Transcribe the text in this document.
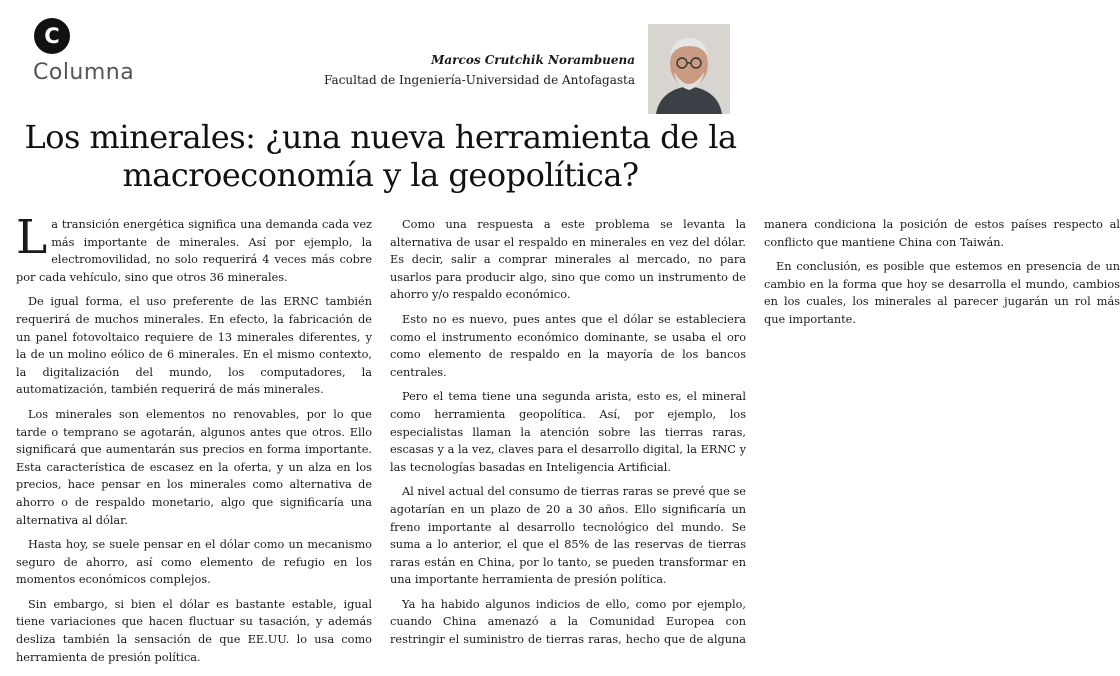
C
Columna	Marcos Crutchik Norambuena
Facultad de Ingeniería-Universidad de Antofagasta
Los minerales: ¿una nueva herramienta de la macroeconomía y la geopolítica?

La transición energética significa una demanda cada vez más importante de minerales. Así por ejemplo, la electromovilidad, no solo requerirá 4 veces más cobre por cada vehículo, sino que otros 36 minerales.

De igual forma, el uso preferente de las ERNC también requerirá de muchos minerales. En efecto, la fabricación de un panel fotovoltaico requiere de 13 minerales diferentes, y la de un molino eólico de 6 minerales. En el mismo contexto, la digitalización del mundo, los computadores, la automatización, también requerirá de más minerales.

Los minerales son elementos no renovables, por lo que tarde o temprano se agotarán, algunos antes que otros. Ello significará que aumentarán sus precios en forma importante. Esta característica de escasez en la oferta, y un alza en los precios, hace pensar en los minerales como alternativa de ahorro o de respaldo monetario, algo que significaría una alternativa al dólar.

Hasta hoy, se suele pensar en el dólar como un mecanismo seguro de ahorro, así como elemento de refugio en los momentos económicos complejos.

Sin embargo, si bien el dólar es bastante estable, igual tiene variaciones que hacen fluctuar su tasación, y además desliza también la sensación de que EE.UU. lo usa como herramienta de presión política.

Como una respuesta a este problema se levanta la alternativa de usar el respaldo en minerales en vez del dólar. Es decir, salir a comprar minerales al mercado, no para usarlos para producir algo, sino que como un instrumento de ahorro y/o respaldo económico.

Esto no es nuevo, pues antes que el dólar se estableciera como el instrumento económico dominante, se usaba el oro como elemento de respaldo en la mayoría de los bancos centrales.

Pero el tema tiene una segunda arista, esto es, el mineral como herramienta geopolítica. Así, por ejemplo, los especialistas llaman la atención sobre las tierras raras, escasas y a la vez, claves para el desarrollo digital, la ERNC y las tecnologías basadas en Inteligencia Artificial.

Al nivel actual del consumo de tierras raras se prevé que se agotarían en un plazo de 20 a 30 años. Ello significaría un freno importante al desarrollo tecnológico del mundo. Se suma a lo anterior, el que el 85% de las reservas de tierras raras están en China, por lo tanto, se pueden transformar en una importante herramienta de presión política.

Ya ha habido algunos indicios de ello, como por ejemplo, cuando China amenazó a la Comunidad Europea con restringir el suministro de tierras raras, hecho que de alguna manera condiciona la posición de estos países respecto al conflicto que mantiene China con Taiwán.

En conclusión, es posible que estemos en presencia de un cambio en la forma que hoy se desarrolla el mundo, cambios en los cuales, los minerales al parecer jugarán un rol más que importante.
